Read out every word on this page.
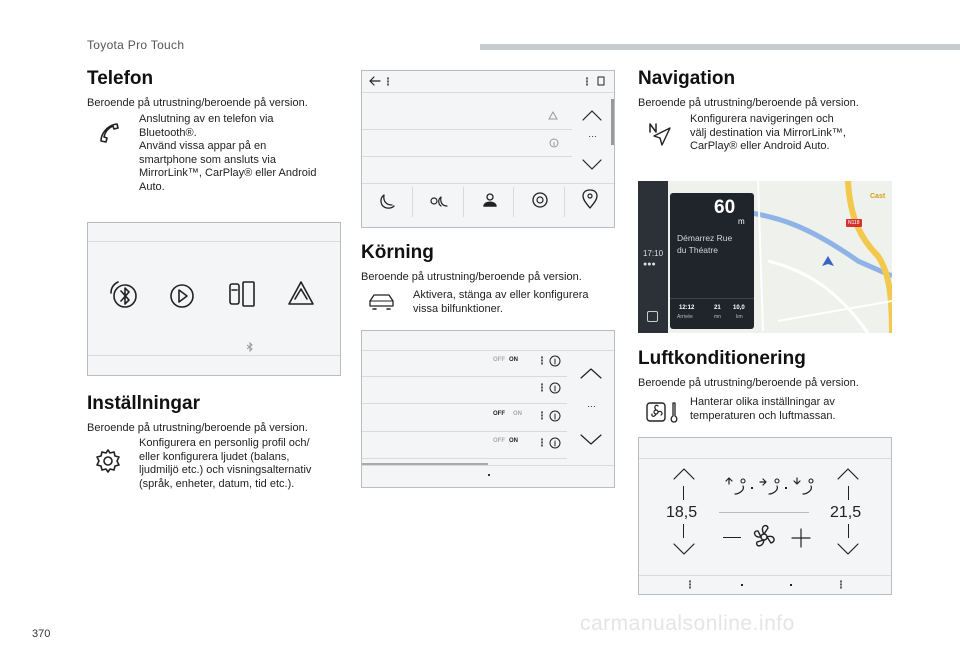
Toyota Pro Touch
Telefon
Beroende på utrustning/beroende på version.
Anslutning av en telefon via
Bluetooth®.
Använd vissa appar på en
smartphone som ansluts via
MirrorLink™, CarPlay® eller Android
Auto.
Inställningar
Beroende på utrustning/beroende på version.
Konfigurera en personlig profil och/
eller konfigurera ljudet (balans,
ljudmiljö etc.) och visningsalternativ
(språk, enheter, datum, tid etc.).
…
Körning
Beroende på utrustning/beroende på version.
Aktivera, stänga av eller konfigurera
vissa bilfunktioner.
OFF ON
OFF ON
OFF ON
…
Navigation
Beroende på utrustning/beroende på version.
Konfigurera navigeringen och
välj destination via MirrorLink™,
CarPlay® eller Android Auto.
17:10
●●●
N118
Cast
60
m
Démarrez Rue
du Théatre
12:12
Arrivée
21
mn
10,0
km
Luftkonditionering
Beroende på utrustning/beroende på version.
Hanterar olika inställningar av
temperaturen och luftmassan.
18,5	21,5
370	carmanualsonline.info
